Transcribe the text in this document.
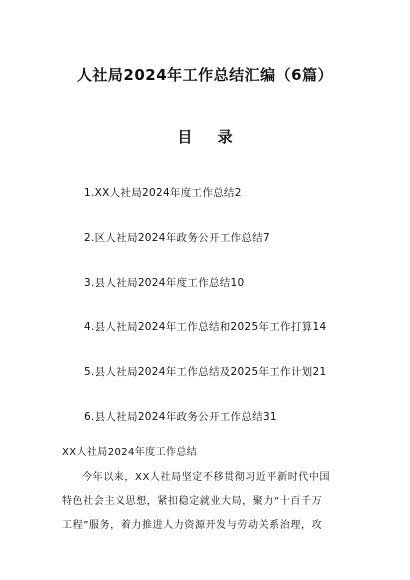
人社局2024年工作总结汇编（6篇）
目 录
1.XX人社局2024年度工作总结2
2.区人社局2024年政务公开工作总结7
3.县人社局2024年度工作总结10
4.县人社局2024年工作总结和2025年工作打算14
5.县人社局2024年工作总结及2025年工作计划21
6.县人社局2024年政务公开工作总结31
XX人社局2024年度工作总结
今年以来，XX人社局坚定不移贯彻习近平新时代中国
特色社会主义思想，紧扣稳定就业大局，聚力“十百千万
工程”服务，着力推进人力资源开发与劳动关系治理，攻
